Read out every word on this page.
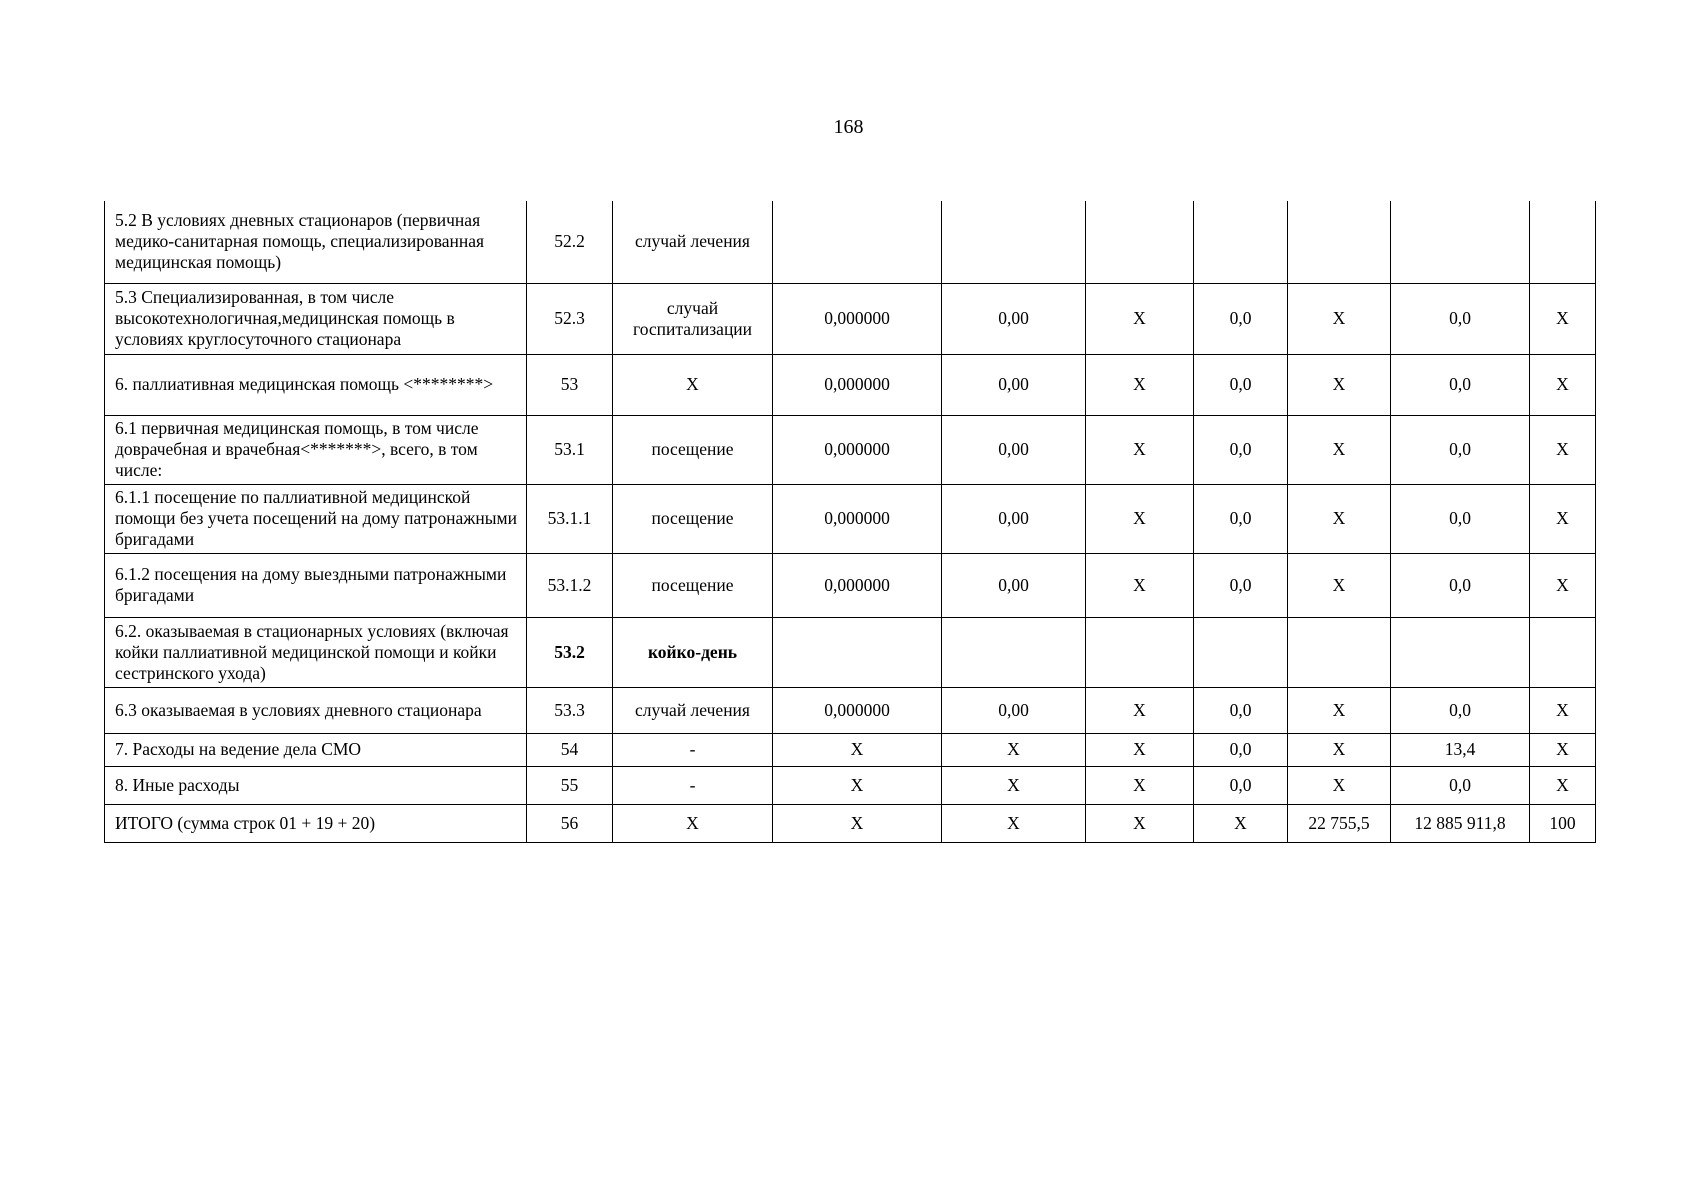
168
5.2 В условиях дневных стационаров (первичная медико-санитарная помощь, специализированная медицинская помощь)	52.2	случай лечения							
5.3 Специализированная, в том числе высокотехнологичная,медицинская помощь в условиях круглосуточного стационара	52.3	случай госпитализации	0,000000	0,00	X	0,0	X	0,0	X
6. паллиативная медицинская помощь <********>	53	X	0,000000	0,00	X	0,0	X	0,0	X
6.1 первичная медицинская помощь, в том числе доврачебная и врачебная<*******>, всего, в том числе:	53.1	посещение	0,000000	0,00	X	0,0	X	0,0	X
6.1.1 посещение по паллиативной медицинской помощи без учета посещений на дому патронажными бригадами	53.1.1	посещение	0,000000	0,00	X	0,0	X	0,0	X
6.1.2 посещения на дому выездными патронажными бригадами	53.1.2	посещение	0,000000	0,00	X	0,0	X	0,0	X
6.2. оказываемая в стационарных условиях (включая койки паллиативной медицинской помощи и койки сестринского ухода)	53.2	койко-день							
6.3 оказываемая в условиях дневного стационара	53.3	случай лечения	0,000000	0,00	X	0,0	X	0,0	X
7. Расходы на ведение дела СМО	54	-	X	X	X	0,0	X	13,4	X
8. Иные расходы	55	-	X	X	X	0,0	X	0,0	X
ИТОГО (сумма строк 01 + 19 + 20)	56	X	X	X	X	X	22 755,5	12 885 911,8	100
